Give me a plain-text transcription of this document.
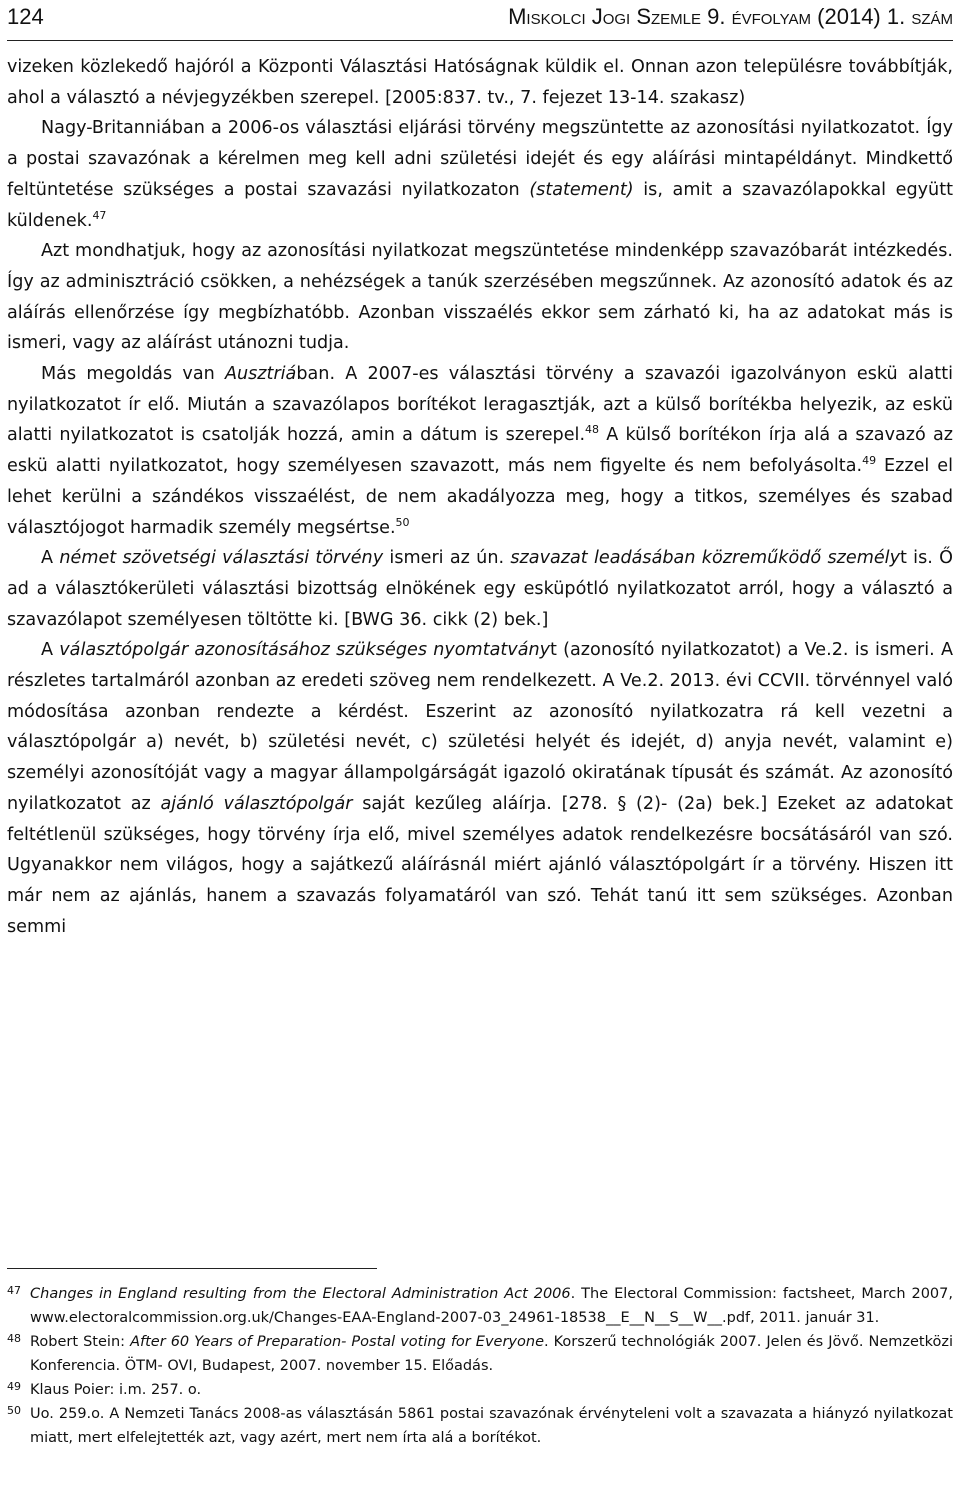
124	Miskolci Jogi Szemle 9. évfolyam (2014) 1. szám

vizeken közlekedő hajóról a Központi Választási Hatóságnak küldik el. Onnan azon településre továbbítják, ahol a választó a névjegyzékben szerepel. [2005:837. tv., 7. fejezet 13-14. szakasz)

Nagy-Britanniában a 2006-os választási eljárási törvény megszüntette az azonosítási nyilatkozatot. Így a postai szavazónak a kérelmen meg kell adni születési idejét és egy aláírási mintapéldányt. Mindkettő feltüntetése szükséges a postai szavazási nyilatkozaton (statement) is, amit a szavazólapokkal együtt küldenek.$^{47}$

Azt mondhatjuk, hogy az azonosítási nyilatkozat megszüntetése mindenképp szavazóbarát intézkedés. Így az adminisztráció csökken, a nehézségek a tanúk szerzésében megszűnnek. Az azonosító adatok és az aláírás ellenőrzése így megbízhatóbb. Azonban visszaélés ekkor sem zárható ki, ha az adatokat más is ismeri, vagy az aláírást utánozni tudja.

Más megoldás van Ausztriában. A 2007-es választási törvény a szavazói igazolványon eskü alatti nyilatkozatot ír elő. Miután a szavazólapos borítékot leragasztják, azt a külső borítékba helyezik, az eskü alatti nyilatkozatot is csatolják hozzá, amin a dátum is szerepel.$^{48}$ A külső borítékon írja alá a szavazó az eskü alatti nyilatkozatot, hogy személyesen szavazott, más nem figyelte és nem befolyásolta.$^{49}$ Ezzel el lehet kerülni a szándékos visszaélést, de nem akadályozza meg, hogy a titkos, személyes és szabad választójogot harmadik személy megsértse.$^{50}$

A német szövetségi választási törvény ismeri az ún. szavazat leadásában közreműködő személyt is. Ő ad a választókerületi választási bizottság elnökének egy esküpótló nyilatkozatot arról, hogy a választó a szavazólapot személyesen töltötte ki. [BWG 36. cikk (2) bek.]

A választópolgár azonosításához szükséges nyomtatványt (azonosító nyilatkozatot) a Ve.2. is ismeri. A részletes tartalmáról azonban az eredeti szöveg nem rendelkezett. A Ve.2. 2013. évi CCVII. törvénnyel való módosítása azonban rendezte a kérdést. Eszerint az azonosító nyilatkozatra rá kell vezetni a választópolgár a) nevét, b) születési nevét, c) születési helyét és idejét, d) anyja nevét, valamint e) személyi azonosítóját vagy a magyar állampolgárságát igazoló okiratának típusát és számát. Az azonosító nyilatkozatot az ajánló választópolgár saját kezűleg aláírja. [278. § (2)- (2a) bek.] Ezeket az adatokat feltétlenül szükséges, hogy törvény írja elő, mivel személyes adatok rendelkezésre bocsátásáról van szó. Ugyanakkor nem világos, hogy a sajátkezű aláírásnál miért ajánló választópolgárt ír a törvény. Hiszen itt már nem az ajánlás, hanem a szavazás folyamatáról van szó. Tehát tanú itt sem szükséges. Azonban semmi

47 Changes in England resulting from the Electoral Administration Act 2006. The Electoral Commission: factsheet, March 2007, www.electoralcommission.org.uk/Changes-EAA-England-2007-03_24961-18538__E__N__S__W__.pdf, 2011. január 31.
48 Robert Stein: After 60 Years of Preparation- Postal voting for Everyone. Korszerű technológiák 2007. Jelen és Jövő. Nemzetközi Konferencia. ÖTM- OVI, Budapest, 2007. november 15. Előadás.
49 Klaus Poier: i.m. 257. o.
50 Uo. 259.o. A Nemzeti Tanács 2008-as választásán 5861 postai szavazónak érvényteleni volt a szavazata a hiányzó nyilatkozat miatt, mert elfelejtették azt, vagy azért, mert nem írta alá a borítékot.
